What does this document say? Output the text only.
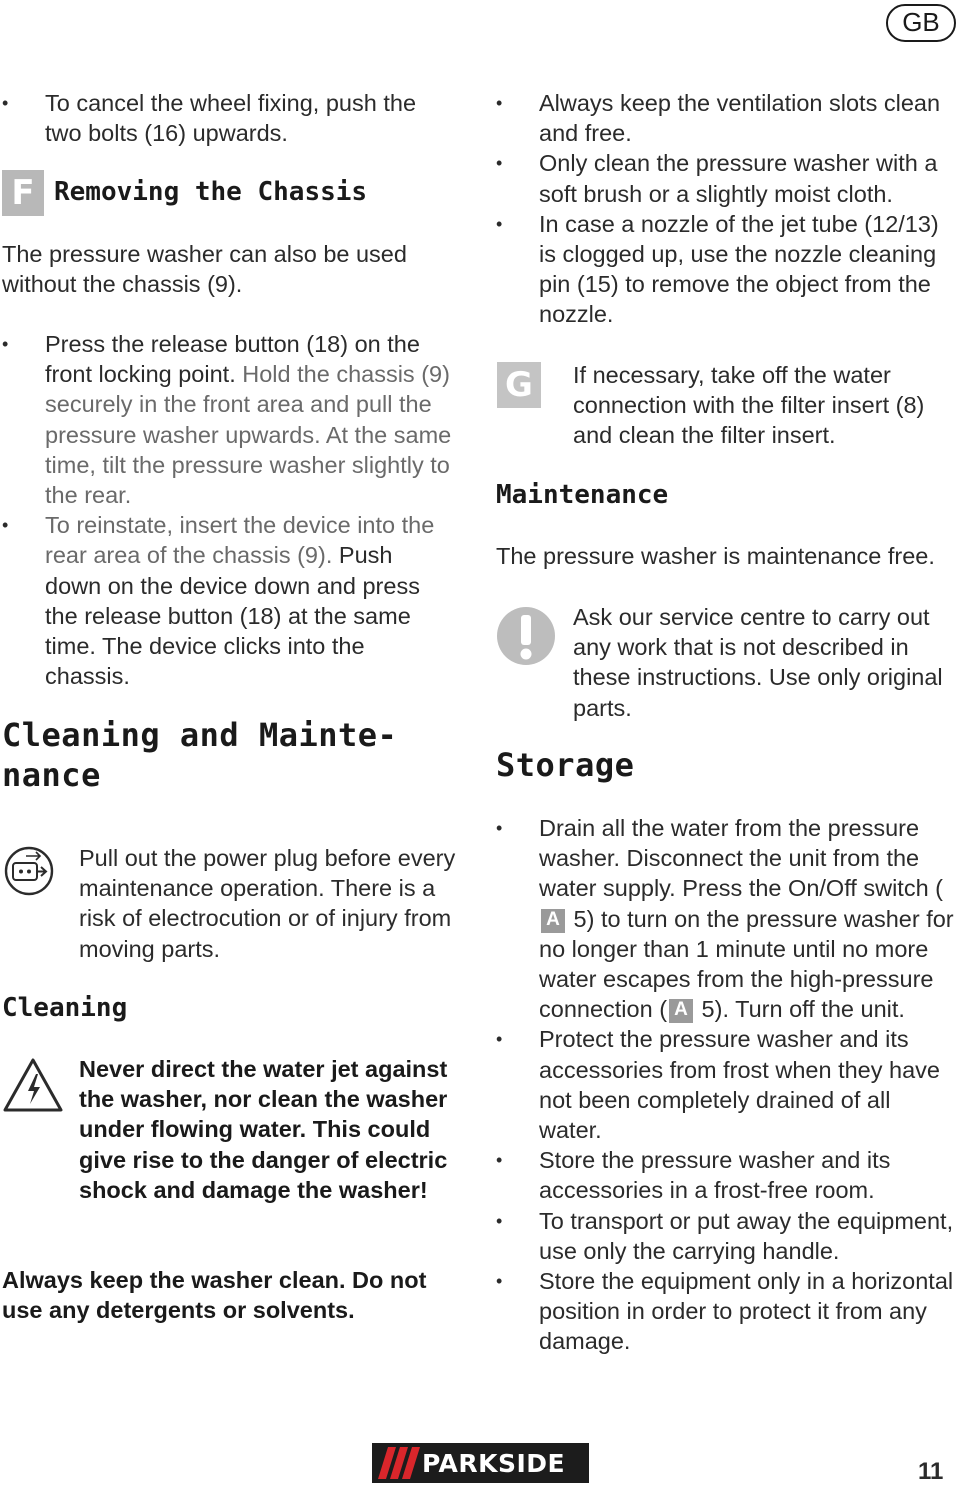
GB
• To cancel the wheel fixing, push the two bolts (16) upwards.
F Removing the Chassis

The pressure washer can also be used without the chassis (9).

• Press the release button (18) on the front locking point. Hold the chassis (9) securely in the front area and pull the pressure washer upwards. At the same time, tilt the pressure washer slightly to the rear.
• To reinstate, insert the device into the rear area of the chassis (9). Push down on the device down and press the release button (18) at the same time. The device clicks into the chassis.
Cleaning and Mainte-
nance

Pull out the power plug before every maintenance operation. There is a risk of electrocution or of injury from moving parts.

Cleaning

Never direct the water jet against the washer, nor clean the washer under flowing water. This could give rise to the danger of electric shock and damage the washer!

Always keep the washer clean. Do not use any detergents or solvents.

• Always keep the ventilation slots clean and free.
• Only clean the pressure washer with a soft brush or a slightly moist cloth.
• In case a nozzle of the jet tube (12/13) is clogged up, use the nozzle cleaning pin (15) to remove the object from the nozzle.
G	If necessary, take off the water connection with the filter insert (8) and clean the filter insert.

Maintenance

The pressure washer is maintenance free.

Ask our service centre to carry out any work that is not described in these instructions. Use only original parts.

Storage
• Drain all the water from the pressure washer. Disconnect the unit from the water supply. Press the On/Off switch (A 5) to turn on the pressure washer for no longer than 1 minute until no more water escapes from the high-pressure connection ( A 5). Turn off the unit.
• Protect the pressure washer and its accessories from frost when they have not been completely drained of all water.
• Store the pressure washer and its accessories in a frost-free room.
• To transport or put away the equipment, use only the carrying handle.
• Store the equipment only in a horizontal position in order to protect it from any damage.
PARKSIDE	11
